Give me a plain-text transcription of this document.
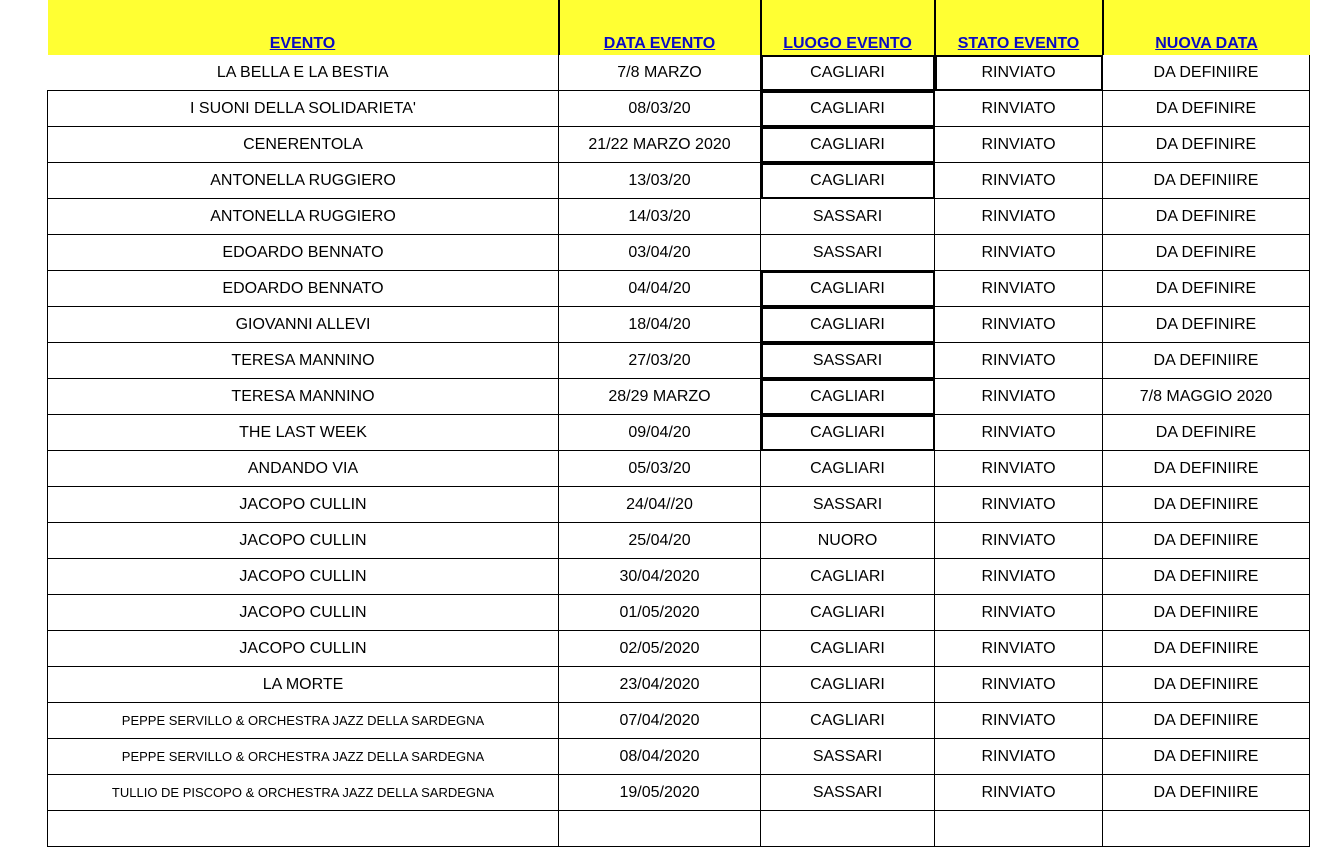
EVENTO	DATA EVENTO	LUOGO EVENTO	STATO EVENTO	NUOVA DATA
LA BELLA E LA BESTIA	7/8 MARZO	CAGLIARI	RINVIATO	DA DEFINIIRE
I SUONI DELLA SOLIDARIETA'	08/03/20	CAGLIARI	RINVIATO	DA DEFINIRE
CENERENTOLA	21/22 MARZO 2020	CAGLIARI	RINVIATO	DA DEFINIRE
ANTONELLA RUGGIERO	13/03/20	CAGLIARI	RINVIATO	DA DEFINIIRE
ANTONELLA RUGGIERO	14/03/20	SASSARI	RINVIATO	DA DEFINIRE
EDOARDO BENNATO	03/04/20	SASSARI	RINVIATO	DA DEFINIRE
EDOARDO BENNATO	04/04/20	CAGLIARI	RINVIATO	DA DEFINIRE
GIOVANNI ALLEVI	18/04/20	CAGLIARI	RINVIATO	DA DEFINIRE
TERESA MANNINO	27/03/20	SASSARI	RINVIATO	DA DEFINIIRE
TERESA MANNINO	28/29 MARZO	CAGLIARI	RINVIATO	7/8 MAGGIO 2020
THE LAST WEEK	09/04/20	CAGLIARI	RINVIATO	DA DEFINIRE
ANDANDO VIA	05/03/20	CAGLIARI	RINVIATO	DA DEFINIIRE
JACOPO CULLIN	24/04//20	SASSARI	RINVIATO	DA DEFINIIRE
JACOPO CULLIN	25/04/20	NUORO	RINVIATO	DA DEFINIIRE
JACOPO CULLIN	30/04/2020	CAGLIARI	RINVIATO	DA DEFINIIRE
JACOPO CULLIN	01/05/2020	CAGLIARI	RINVIATO	DA DEFINIIRE
JACOPO CULLIN	02/05/2020	CAGLIARI	RINVIATO	DA DEFINIIRE
LA MORTE	23/04/2020	CAGLIARI	RINVIATO	DA DEFINIIRE
PEPPE SERVILLO & ORCHESTRA JAZZ DELLA SARDEGNA	07/04/2020	CAGLIARI	RINVIATO	DA DEFINIIRE
PEPPE SERVILLO & ORCHESTRA JAZZ DELLA SARDEGNA	08/04/2020	SASSARI	RINVIATO	DA DEFINIIRE
TULLIO DE PISCOPO & ORCHESTRA JAZZ DELLA SARDEGNA	19/05/2020	SASSARI	RINVIATO	DA DEFINIIRE
